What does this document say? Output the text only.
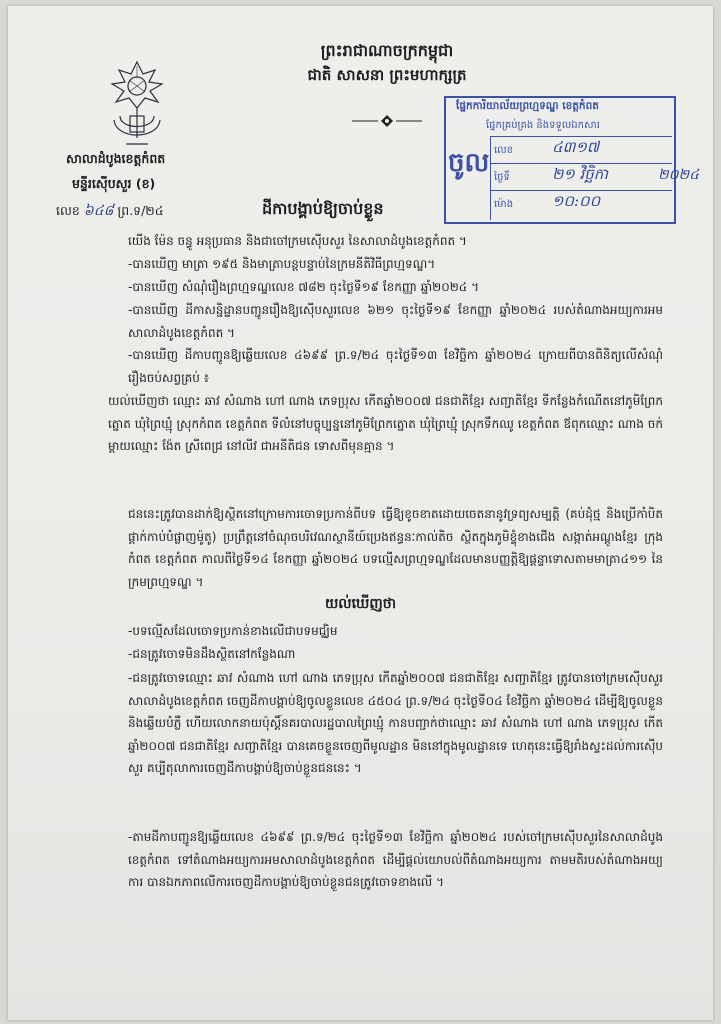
ព្រះរាជាណាចក្រកម្ពុជា
ជាតិ សាសនា ព្រះមហាក្សត្រ
សាលាដំបូងខេត្តកំពត
មន្ទីរស៊ើបសួរ (ខ)
លេខ ៦៤៨ ព្រ.ទ/២៤	ដីកាបង្គាប់ឱ្យចាប់ខ្លួន
ផ្នែកការិយាល័យព្រហ្មទណ្ឌ ខេត្តកំពត
ផ្នែកគ្រប់គ្រង និងទទួលឯកសារ
ចូល លេខ	៤៣១៧
ថ្ងៃទី	២១ វិច្ឆិកា	២០២៤
ម៉ោង	១០:០០

យើង ម៉ែន ចន្ធូ អនុប្រធាន និងជាចៅក្រមស៊ើបសួរ នៃសាលាដំបូងខេត្តកំពត ។

-បានឃើញ មាត្រា ១៩៥ និងមាត្រាបន្តបន្ទាប់នៃក្រមនីតិវិធីព្រហ្មទណ្ឌ។

-បានឃើញ សំណុំរឿងព្រហ្មទណ្ឌលេខ ៧៨២ ចុះថ្ងៃទី១៩ ខែកញ្ញា ឆ្នាំ២០២៤ ។

-បានឃើញ ដីកាសន្និដ្ឋានបញ្ជូនរឿងឱ្យស៊ើបសួរលេខ ៦២១ ចុះថ្ងៃទី១៩ ខែកញ្ញា ឆ្នាំ២០២៤ របស់តំណាងអយ្យការអមសាលាដំបូងខេត្តកំពត ។

-បានឃើញ ដីកាបញ្ជូនឱ្យឆ្លើយលេខ ៤៦៩៩ ព្រ.ទ/២៤ ចុះថ្ងៃទី១៣ ខែវិច្ឆិកា ឆ្នាំ២០២៤ ក្រោយពីបានពិនិត្យលើសំណុំរឿងចប់សព្វគ្រប់ ៖

យល់ឃើញថា ឈ្មោះ ឆាវ សំណាង ហៅ ណាង ភេទប្រុស កើតឆ្នាំ២០០៧ ជនជាតិខ្មែរ សញ្ជាតិខ្មែរ ទីកន្លែងកំណើតនៅភូមិព្រែកត្នោត ឃុំព្រៃឃ្មុំ ស្រុកកំពត ខេត្តកំពត ទីលំនៅបច្ចុប្បន្ននៅភូមិព្រែកត្នោត ឃុំព្រៃឃ្មុំ ស្រុកទឹកឈូ ខេត្តកំពត ឪពុកឈ្មោះ ណាង ចក់ ម្ដាយឈ្មោះ ង៉ែត ស្រីពេជ្រ នៅលីវ ជាអនីតិជន ទោសពីមុនគ្មាន ។

ជននេះត្រូវបានដាក់ឱ្យស្ថិតនៅក្រោមការចោទប្រកាន់ពីបទ ធ្វើឱ្យខូចខាតដោយចេតនានូវទ្រព្យសម្បត្តិ (គប់ដុំថ្ម និងប្រើកាំបិតផ្គាក់កាប់បំផ្លាញម៉ូតូ) ប្រព្រឹត្តនៅចំណុចបរិវេណស្ថានីយ៍ប្រេងឥន្ធនៈកាល់តិច ស្ថិតក្នុងភូមិខ្ទុំខាងជើង សង្កាត់អណ្ដូងខ្មែរ ក្រុងកំពត ខេត្តកំពត កាលពីថ្ងៃទី១៤ ខែកញ្ញា ឆ្នាំ២០២៤ បទល្មើសព្រហ្មទណ្ឌដែលមានបញ្ញត្តិឱ្យផ្តន្ទាទោសតាមមាត្រា៤១១ នៃក្រមព្រហ្មទណ្ឌ ។

យល់ឃើញថា

-បទល្មើសដែលចោទប្រកាន់ខាងលើជាបទមជ្ឈិម

-ជនត្រូវចោទមិនដឹងស្ថិតនៅកន្លែងណា

-ជនត្រូវចោទឈ្មោះ ឆាវ សំណាង ហៅ ណាង ភេទប្រុស កើតឆ្នាំ២០០៧ ជនជាតិខ្មែរ សញ្ជាតិខ្មែរ ត្រូវបានចៅក្រមស៊ើបសួរសាលាដំបូងខេត្តកំពត ចេញដីកាបង្គាប់ឱ្យចូលខ្លួនលេខ ៤៥០៤ ព្រ.ទ/២៤ ចុះថ្ងៃទី០៤ ខែវិច្ឆិកា ឆ្នាំ២០២៤ ដើម្បីឱ្យចូលខ្លួននិងឆ្លើយបំភ្លឺ ហើយលោកនាយប៉ុស្តិ៍នគរបាលរដ្ឋបាលព្រៃឃ្មុំ កានបញ្ជាក់ថាឈ្មោះ ឆាវ សំណាង ហៅ ណាង ភេទប្រុស កើតឆ្នាំ២០០៧ ជនជាតិខ្មែរ សញ្ជាតិខ្មែរ បានគេចខ្លួនចេញពីមូលដ្ឋាន មិននៅក្នុងមូលដ្ឋានទេ ហេតុនេះធ្វើឱ្យរាំងស្ទះដល់ការស៊ើបសួរ គប្បីតុលាការចេញដីកាបង្គាប់ឱ្យចាប់ខ្លួនជននេះ ។

-តាមដីកាបញ្ជូនឱ្យឆ្លើយលេខ ៤៦៩៩ ព្រ.ទ/២៤ ចុះថ្ងៃទី១៣ ខែវិច្ឆិកា ឆ្នាំ២០២៤ របស់ចៅក្រមស៊ើបសួរនៃសាលាដំបូងខេត្តកំពត ទៅតំណាងអយ្យការអមសាលាដំបូងខេត្តកំពត ដើម្បីផ្ដល់យោបល់ពីតំណាងអយ្យការ តាមមតិរបស់តំណាងអយ្យការ បានឯកភាពលើការចេញដីកាបង្គាប់ឱ្យចាប់ខ្លួនជនត្រូវចោទខាងលើ ។
